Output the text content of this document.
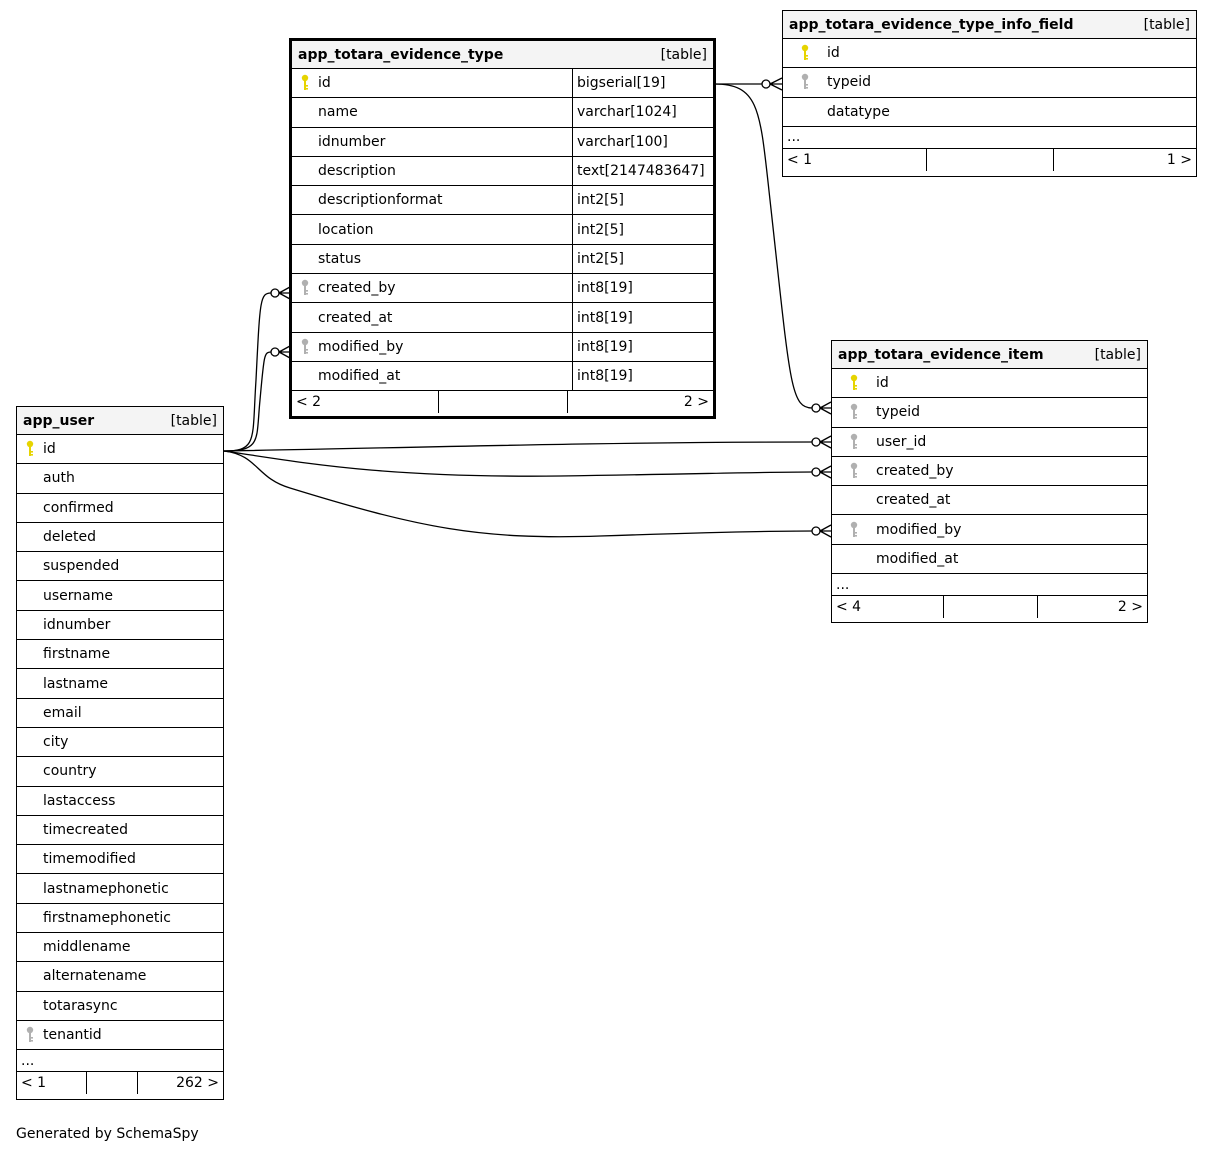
app_totara_evidence_type	[table]
id	bigserial[19]
name	varchar[1024]
idnumber	varchar[100]
description	text[2147483647]
descriptionformat	int2[5]
location	int2[5]
status	int2[5]
created_by	int8[19]
created_at	int8[19]
modified_by	int8[19]
modified_at	int8[19]
< 2	2 >
app_totara_evidence_type_info_field	[table]
id
typeid
datatype
...
< 1	1 >
app_totara_evidence_item	[table]
id
typeid
user_id
created_by
created_at
modified_by
modified_at
...
< 4	2 >
app_user	[table]
id
auth
confirmed
deleted
suspended
username
idnumber
firstname
lastname
email
city
country
lastaccess
timecreated
timemodified
lastnamephonetic
firstnamephonetic
middlename
alternatename
totarasync
tenantid
...
< 1	262 >
Generated by SchemaSpy
